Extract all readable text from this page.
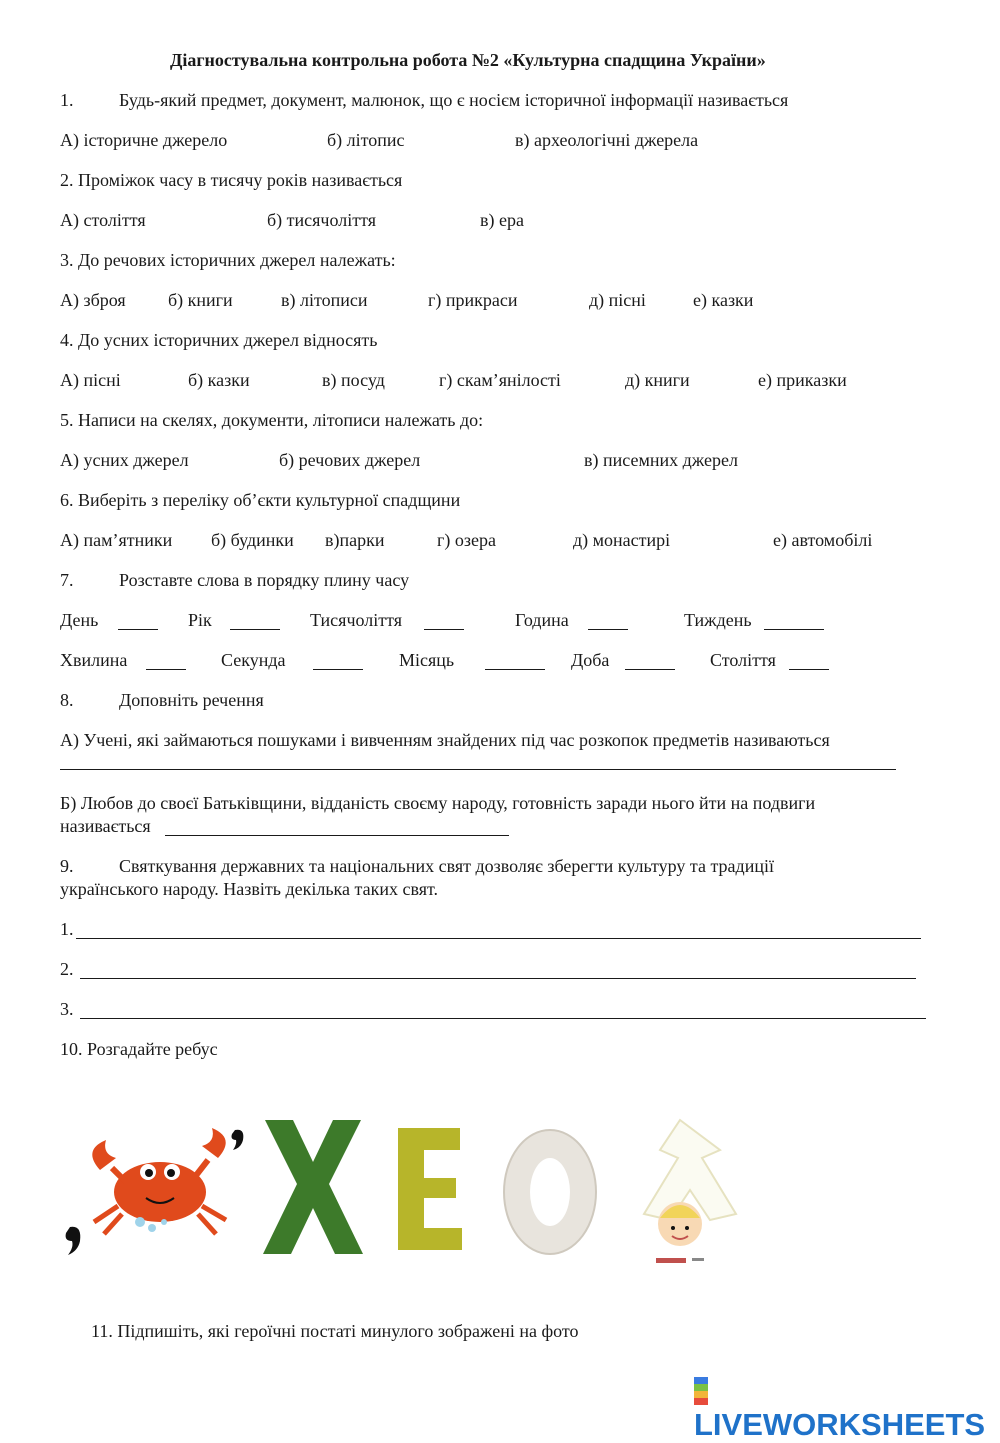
Діагностувальна контрольна робота №2 «Культурна спадщина України»
1.	Будь-який предмет, документ, малюнок, що є носієм історичної інформації називається
А) історичне джерело	б) літопис	в) археологічні джерела
2. Проміжок часу в тисячу років називається
А) століття	б) тисячоліття	в) ера
3. До речових історичних джерел належать:
А) зброя б) книги	в) літописи	г) прикраси	д) пісні	е) казки
4. До усних історичних джерел відносять
А) пісні	б) казки	в) посуд	г) скам’янілості	д) книги	е) приказки
5. Написи на скелях, документи, літописи належать до:
А) усних джерел	б) речових джерел	в) писемних джерел
6. Виберіть з переліку об’єкти культурної спадщини
А) пам’ятники б) будинки в)парки	г) озера	д) монастирі	е) автомобілі
7.	Розставте слова в порядку плину часу
День	Рік	Тисячоліття	Година	Тиждень
Хвилина	Секунда	Місяць	Доба	Століття
8.	Доповніть речення
А) Учені, які займаються пошуками і вивченням знайдених під час розкопок предметів називаються
Б) Любов до своєї Батьківщини, відданість своєму народу, готовність заради нього йти на подвиги
називається
9.	Святкування державних та національних свят дозволяє зберегти культуру та традиції
українського народу. Назвіть декілька таких свят.
1.
2.
3.
10. Розгадайте ребус
11. Підпишіть, які героїчні постаті минулого зображені на фото
LIVEWORKSHEETS
